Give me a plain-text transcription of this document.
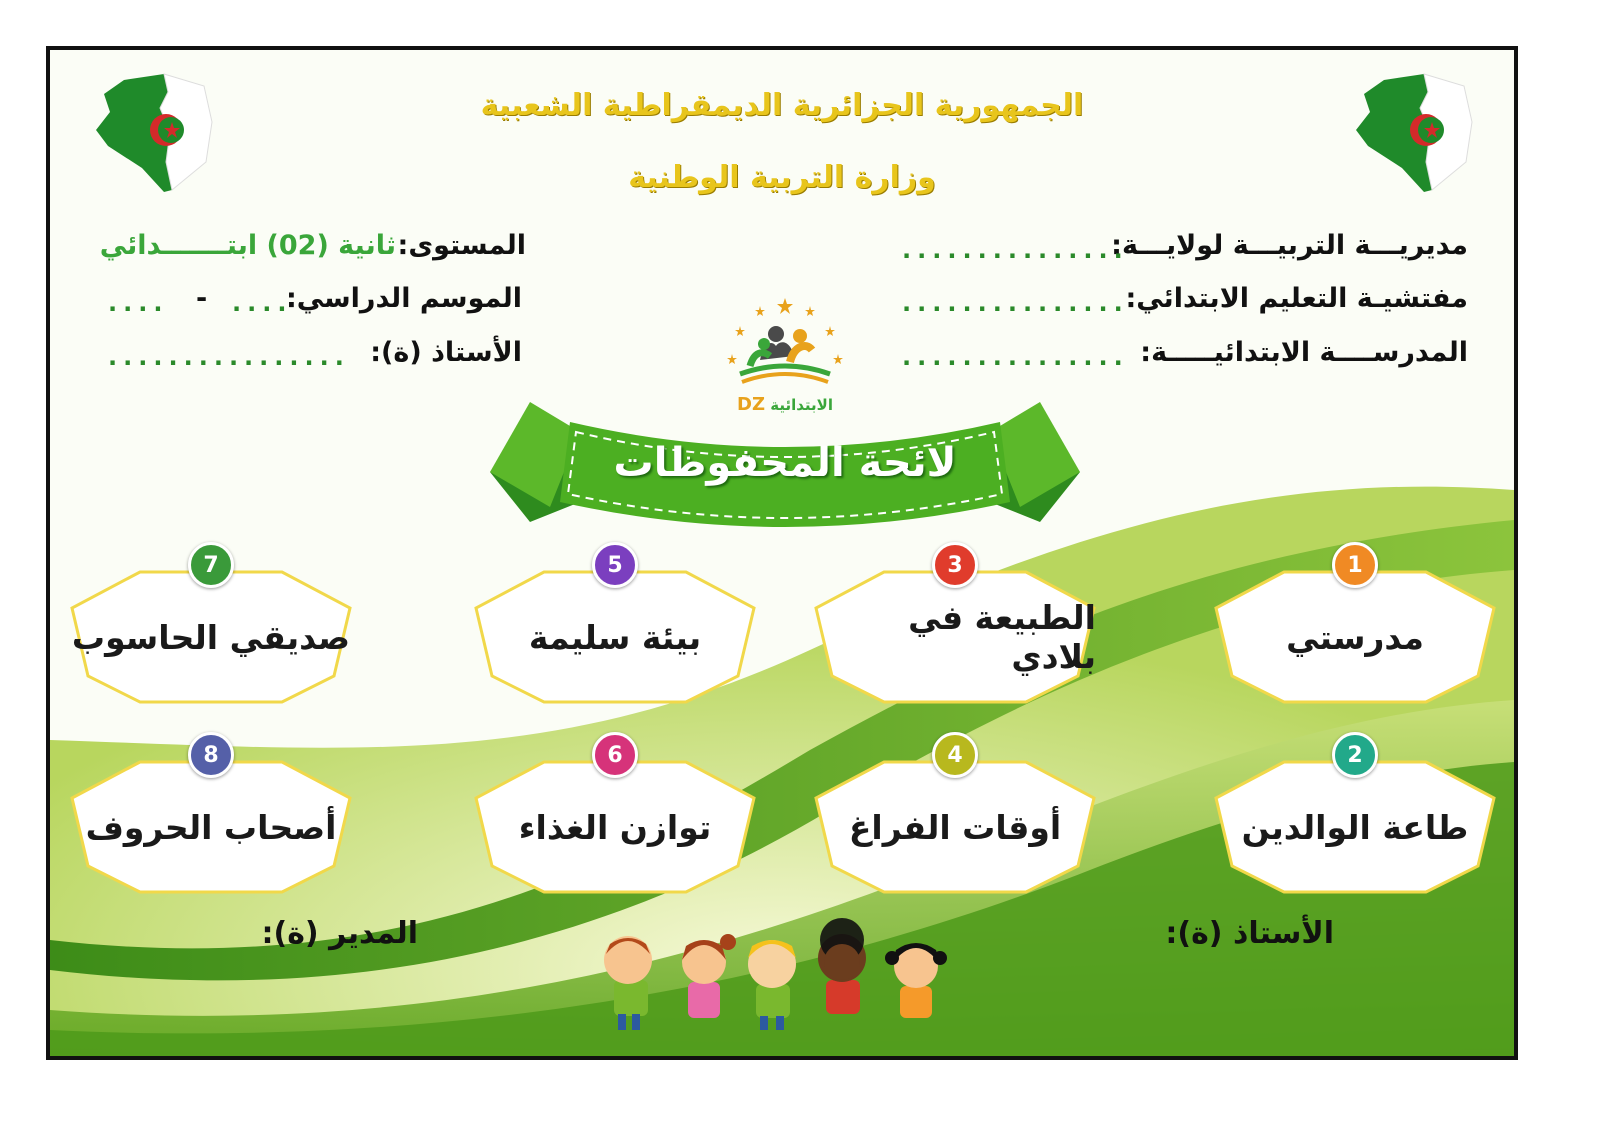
الجمهورية الجزائرية الديمقراطية الشعبية
وزارة التربية الوطنية
مديريـــة التربيـــة لولايـــة:
...............
مفتشيـة التعليم الابتدائي:
...............
المدرســــة الابتدائيـــــة:
...............
المستوى:
ثانية (02) ابتـــــــدائي
الموسم الدراسي:
....
-
....
الأستاذ (ة):
................
DZ الابتدائية
لائحة المحفوظات
مدرستي
1
طاعة الوالدين
2
الطبيعة في بلادي
3
أوقات الفراغ
4
بيئة سليمة
5
توازن الغذاء
6
صديقي الحاسوب
7
أصحاب الحروف
8
الأستاذ (ة):
المدير (ة):
